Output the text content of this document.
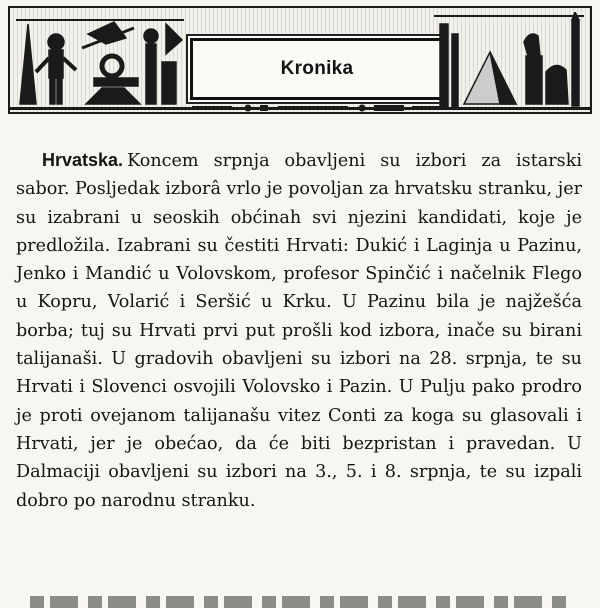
Kronika
Hrvatska. Koncem srpnja obavljeni su izbori za istarski sabor. Posljedak izborâ vrlo je povoljan za hrvatsku stranku, jer su izabrani u seoskih obćinah svi njezini kandidati, koje je predložila. Izabrani su čestiti Hrvati: Dukić i Laginja u Pazinu, Jenko i Mandić u Volovskom, profesor Spinčić i načelnik Flego u Kopru, Volarić i Seršić u Krku. U Pazinu bila je najžešća borba; tuj su Hrvati prvi put prošli kod izbora, inače su birani talijanaši. U gradovih obavljeni su izbori na 28. srpnja, te su Hrvati i Slovenci osvojili Volovsko i Pazin. U Pulju pako prodro je proti ovejanom talijanašu vitez Conti za koga su glasovali i Hrvati, jer je obećao, da će biti bezpristan i pravedan. U Dalmaciji obavljeni su izbori na 3., 5. i 8. srpnja, te su izpali dobro po narodnu stranku.
